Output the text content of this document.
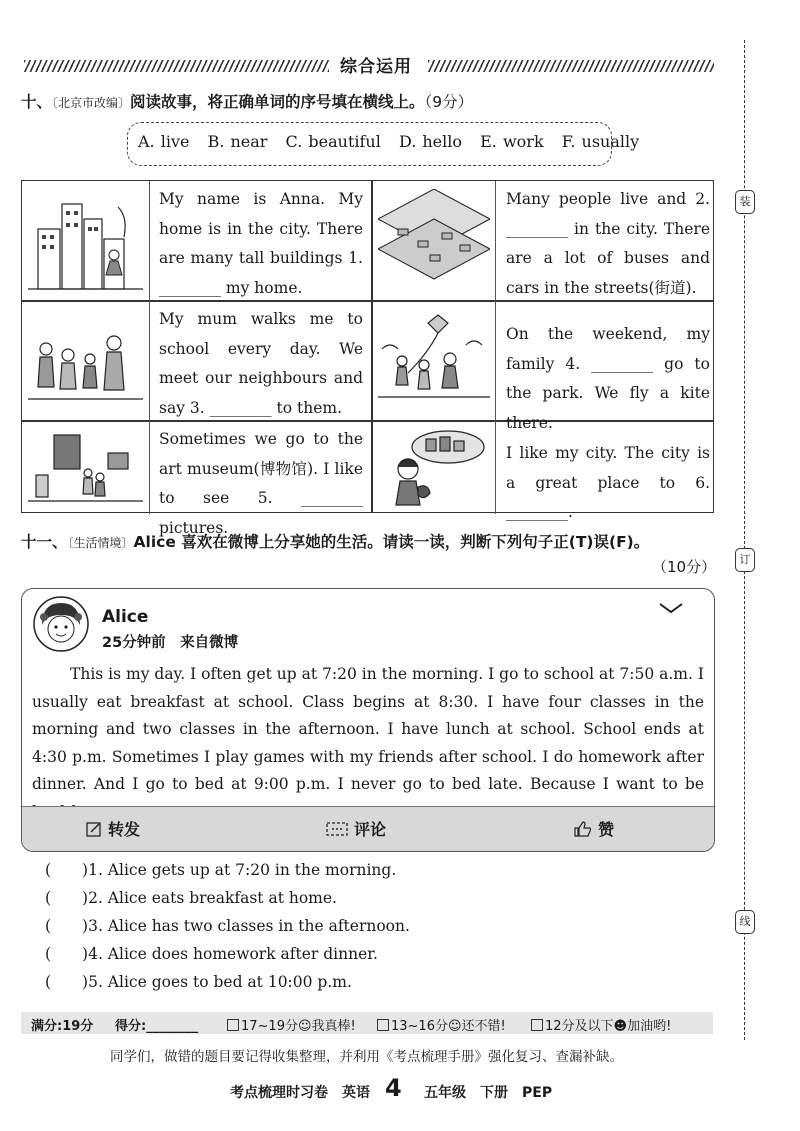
装
订
线
综合运用
十、〔北京市改编〕阅读故事，将正确单词的序号填在横线上。（9分）
A. live B. near C. beautiful D. hello E. work F. usually
My name is Anna. My home is in the city. There are many tall buildings 1. ________ my home.
Many people live and 2. ________ in the city. There are a lot of buses and cars in the streets(街道).
My mum walks me to school every day. We meet our neighbours and say 3. ________ to them.
On the weekend, my family 4. ________ go to the park. We fly a kite there.
Sometimes we go to the art museum(博物馆). I like to see 5. ________ pictures.
I like my city. The city is a great place to 6. ________.
十一、〔生活情境〕Alice 喜欢在微博上分享她的生活。请读一读，判断下列句子正(T)误(F)。
（10分）
Alice
25分钟前　来自微博
This is my day. I often get up at 7:20 in the morning. I go to school at 7:50 a.m. I usually eat breakfast at school. Class begins at 8:30. I have four classes in the morning and two classes in the afternoon. I have lunch at school. School ends at 4:30 p.m. Sometimes I play games with my friends after school. I do homework after dinner. And I go to bed at 9:00 p.m. I never go to bed late. Because I want to be
转发	评论	赞
(　　)1. Alice gets up at 7:20 in the morning.
(　　)2. Alice eats breakfast at home.
(　　)3. Alice has two classes in the afternoon.
(　　)4. Alice does homework after dinner.
(　　)5. Alice goes to bed at 10:00 p.m.
满分:19分 得分:________	17~19分☺我真棒!	13~16分☺还不错!	12分及以下☻加油哟!
同学们，做错的题目要记得收集整理，并利用《考点梳理手册》强化复习、查漏补缺。
考点梳理时习卷　英语 4 五年级　下册　PEP
